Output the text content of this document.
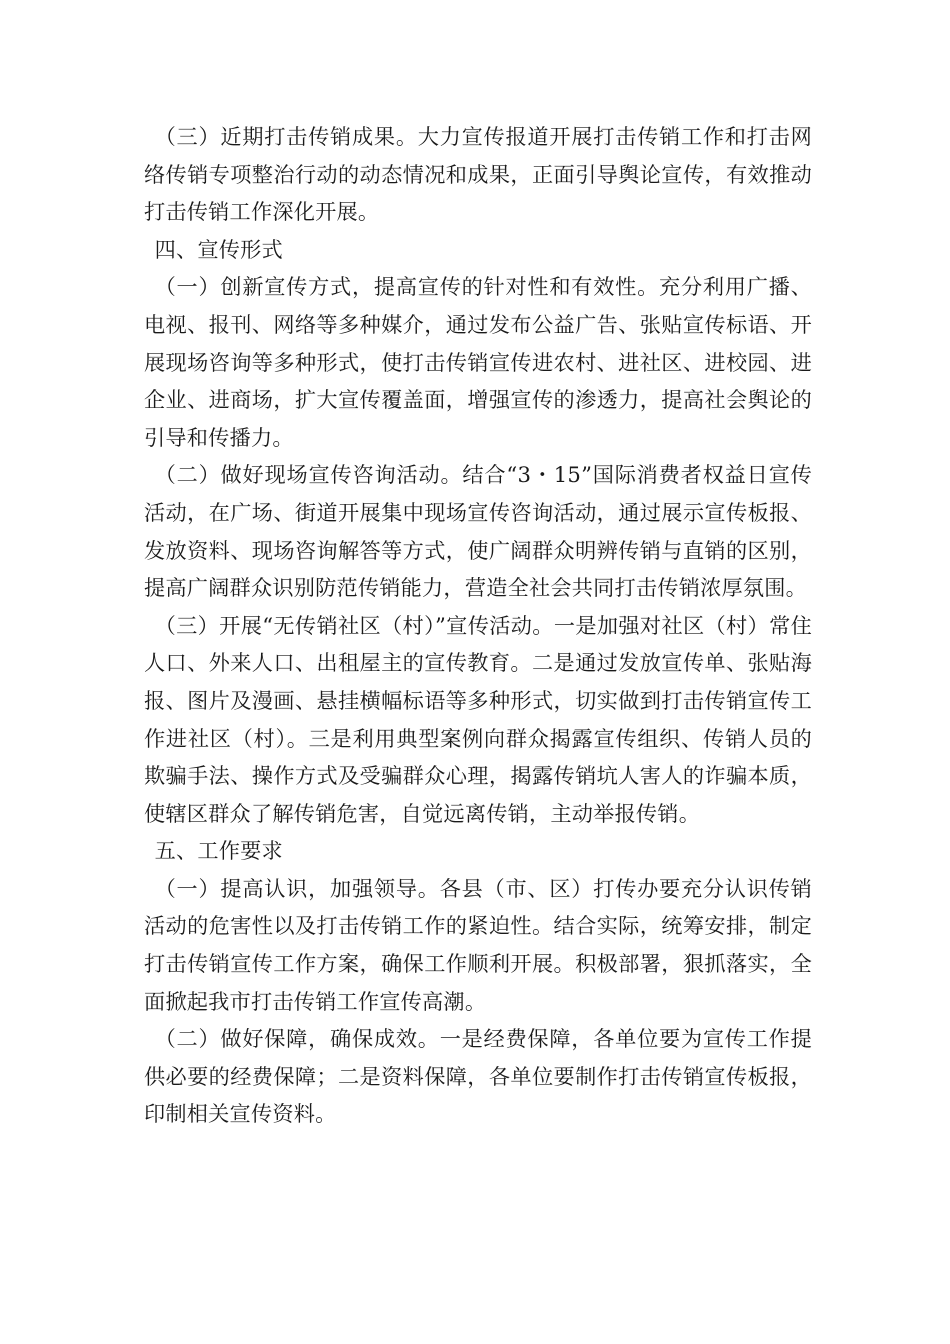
（三）近期打击传销成果。大力宣传报道开展打击传销工作和打击网络传销专项整治行动的动态情况和成果，正面引导舆论宣传，有效推动打击传销工作深化开展。

四、宣传形式

（一）创新宣传方式，提高宣传的针对性和有效性。充分利用广播、电视、报刊、网络等多种媒介，通过发布公益广告、张贴宣传标语、开展现场咨询等多种形式，使打击传销宣传进农村、进社区、进校园、进企业、进商场，扩大宣传覆盖面，增强宣传的渗透力，提高社会舆论的引导和传播力。

（二）做好现场宣传咨询活动。结合“3・15”国际消费者权益日宣传活动，在广场、街道开展集中现场宣传咨询活动，通过展示宣传板报、发放资料、现场咨询解答等方式，使广阔群众明辨传销与直销的区别，提高广阔群众识别防范传销能力，营造全社会共同打击传销浓厚氛围。

（三）开展“无传销社区（村）”宣传活动。一是加强对社区（村）常住人口、外来人口、出租屋主的宣传教育。二是通过发放宣传单、张贴海报、图片及漫画、悬挂横幅标语等多种形式，切实做到打击传销宣传工作进社区（村）。三是利用典型案例向群众揭露宣传组织、传销人员的欺骗手法、操作方式及受骗群众心理，揭露传销坑人害人的诈骗本质，使辖区群众了解传销危害，自觉远离传销，主动举报传销。

五、工作要求

（一）提高认识，加强领导。各县（市、区）打传办要充分认识传销活动的危害性以及打击传销工作的紧迫性。结合实际，统筹安排，制定打击传销宣传工作方案，确保工作顺利开展。积极部署，狠抓落实，全面掀起我市打击传销工作宣传高潮。

（二）做好保障，确保成效。一是经费保障，各单位要为宣传工作提供必要的经费保障；二是资料保障，各单位要制作打击传销宣传板报，印制相关宣传资料。
